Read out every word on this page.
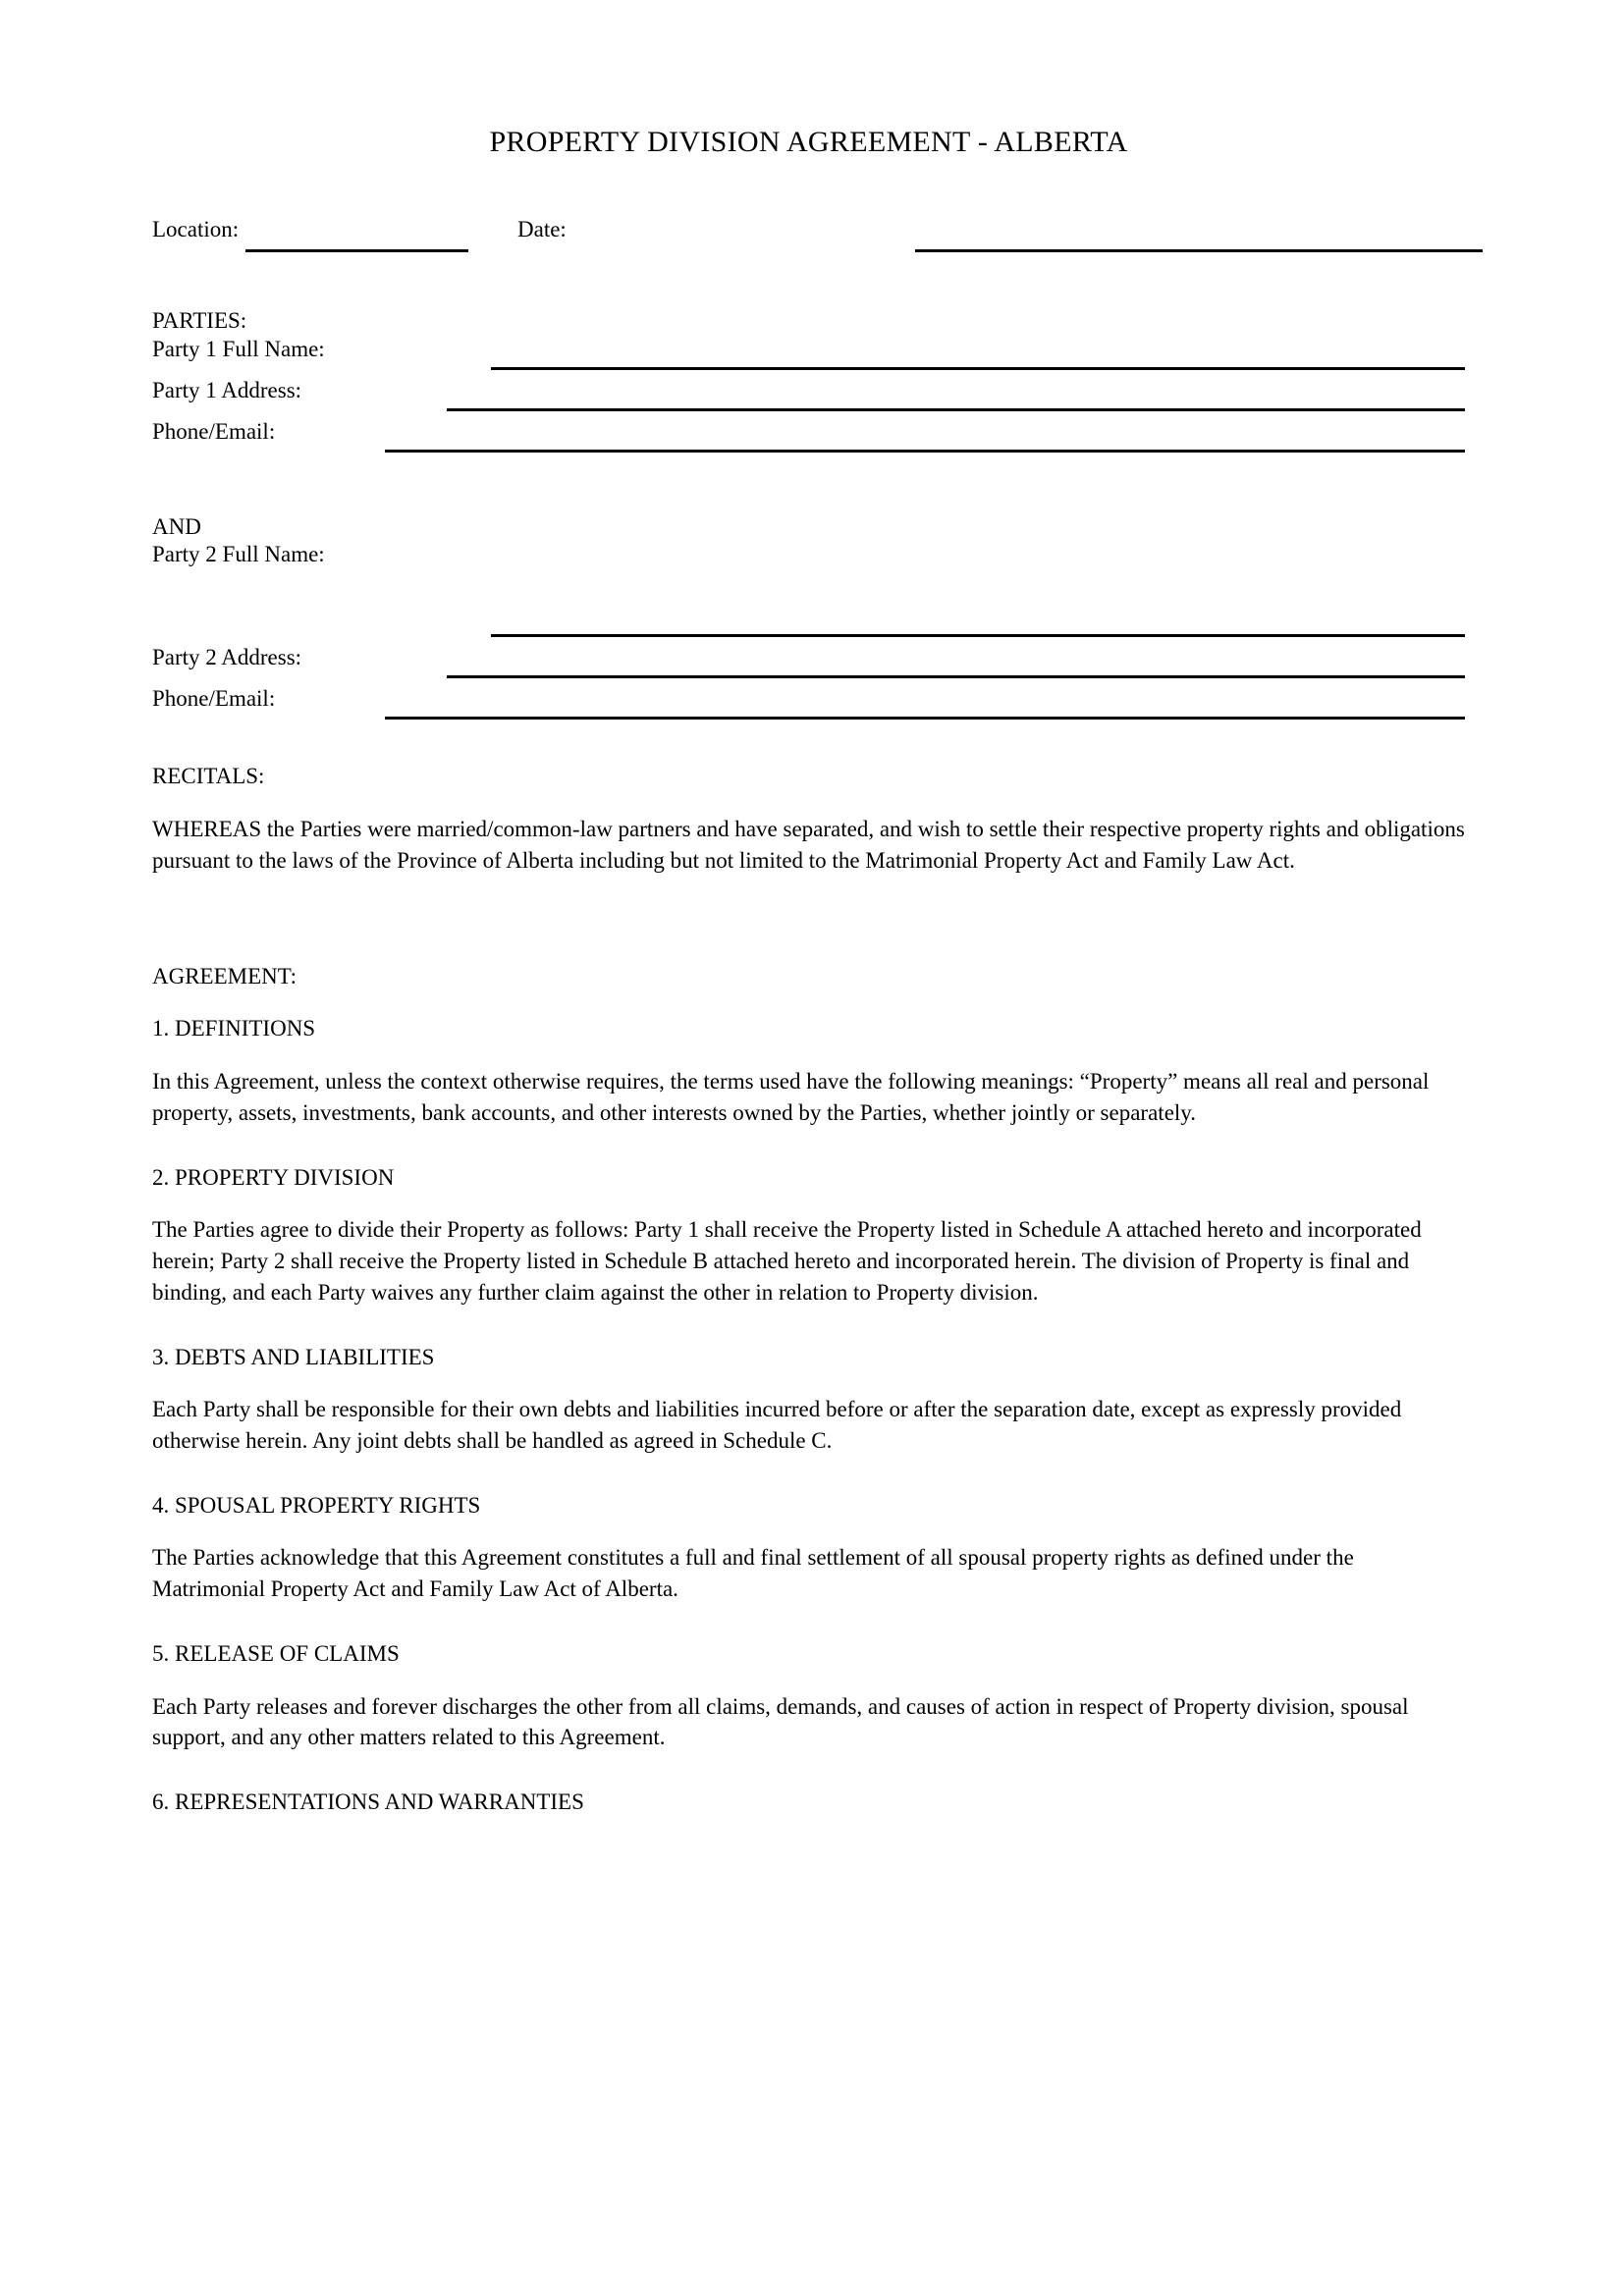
PROPERTY DIVISION AGREEMENT - ALBERTA
Location:	Date:

PARTIES:

Party 1 Full Name:
Party 1 Address:
Phone/Email:

AND

Party 2 Full Name:
Party 2 Address:
Phone/Email:

RECITALS:

WHEREAS the Parties were married/common-law partners and have separated, and wish to settle their respective property rights and obligations pursuant to the laws of the Province of Alberta including but not limited to the Matrimonial Property Act and Family Law Act.

AGREEMENT:

1. DEFINITIONS

In this Agreement, unless the context otherwise requires, the terms used have the following meanings: “Property” means all real and personal property, assets, investments, bank accounts, and other interests owned by the Parties, whether jointly or separately.

2. PROPERTY DIVISION

The Parties agree to divide their Property as follows: Party 1 shall receive the Property listed in Schedule A attached hereto and incorporated herein; Party 2 shall receive the Property listed in Schedule B attached hereto and incorporated herein. The division of Property is final and binding, and each Party waives any further claim against the other in relation to Property division.

3. DEBTS AND LIABILITIES

Each Party shall be responsible for their own debts and liabilities incurred before or after the separation date, except as expressly provided otherwise herein. Any joint debts shall be handled as agreed in Schedule C.

4. SPOUSAL PROPERTY RIGHTS

The Parties acknowledge that this Agreement constitutes a full and final settlement of all spousal property rights as defined under the Matrimonial Property Act and Family Law Act of Alberta.

5. RELEASE OF CLAIMS

Each Party releases and forever discharges the other from all claims, demands, and causes of action in respect of Property division, spousal support, and any other matters related to this Agreement.

6. REPRESENTATIONS AND WARRANTIES
